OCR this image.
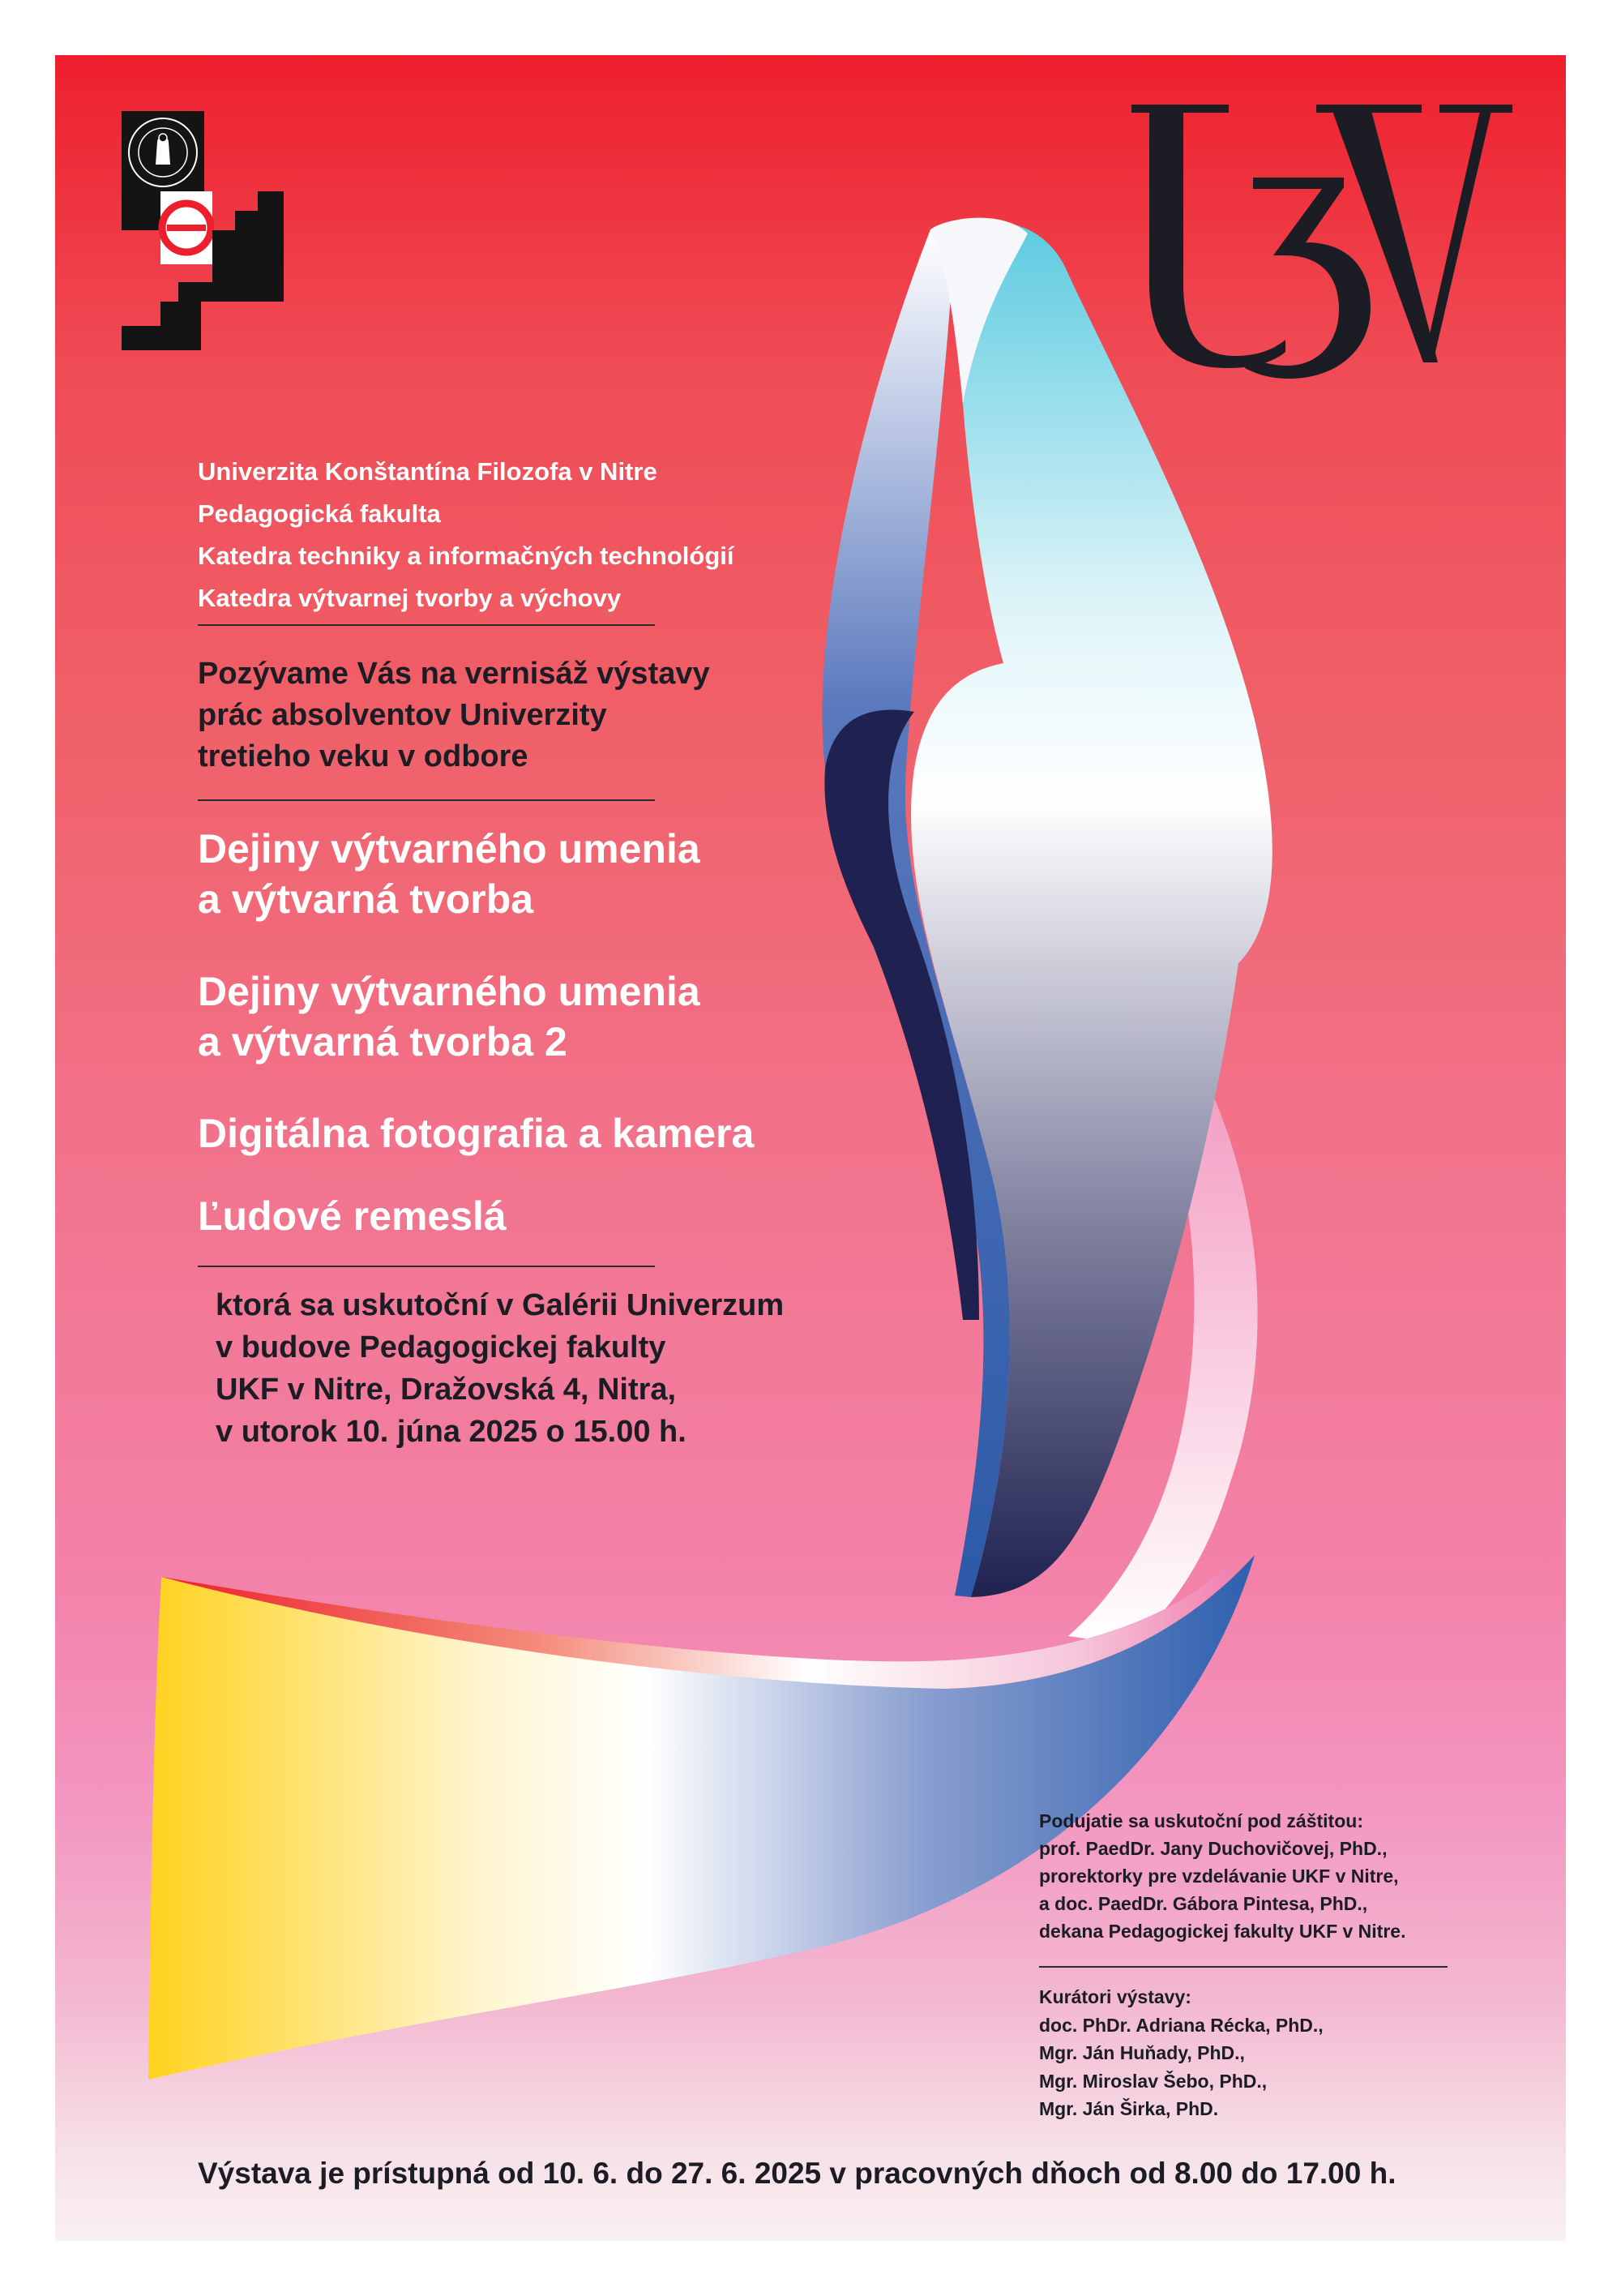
Univerzita Konštantína Filozofa v Nitre
Pedagogická fakulta
Katedra techniky a informačných technológií
Katedra výtvarnej tvorby a výchovy
Pozývame Vás na vernisáž výstavy
prác absolventov Univerzity
tretieho veku v odbore
Dejiny výtvarného umenia
a výtvarná tvorba
Dejiny výtvarného umenia
a výtvarná tvorba 2
Digitálna fotografia a kamera
Ľudové remeslá
ktorá sa uskutoční v Galérii Univerzum
v budove Pedagogickej fakulty
UKF v Nitre, Dražovská 4, Nitra,
v utorok 10. júna 2025 o 15.00 h.
Podujatie sa uskutoční pod záštitou:
prof. PaedDr. Jany Duchovičovej, PhD.,
prorektorky pre vzdelávanie UKF v Nitre,
a doc. PaedDr. Gábora Pintesa, PhD.,
dekana Pedagogickej fakulty UKF v Nitre.
Kurátori výstavy:
doc. PhDr. Adriana Récka, PhD.,
Mgr. Ján Huňady, PhD.,
Mgr. Miroslav Šebo, PhD.,
Mgr. Ján Širka, PhD.
Výstava je prístupná od 10. 6. do 27. 6. 2025 v pracovných dňoch od 8.00 do 17.00 h.
